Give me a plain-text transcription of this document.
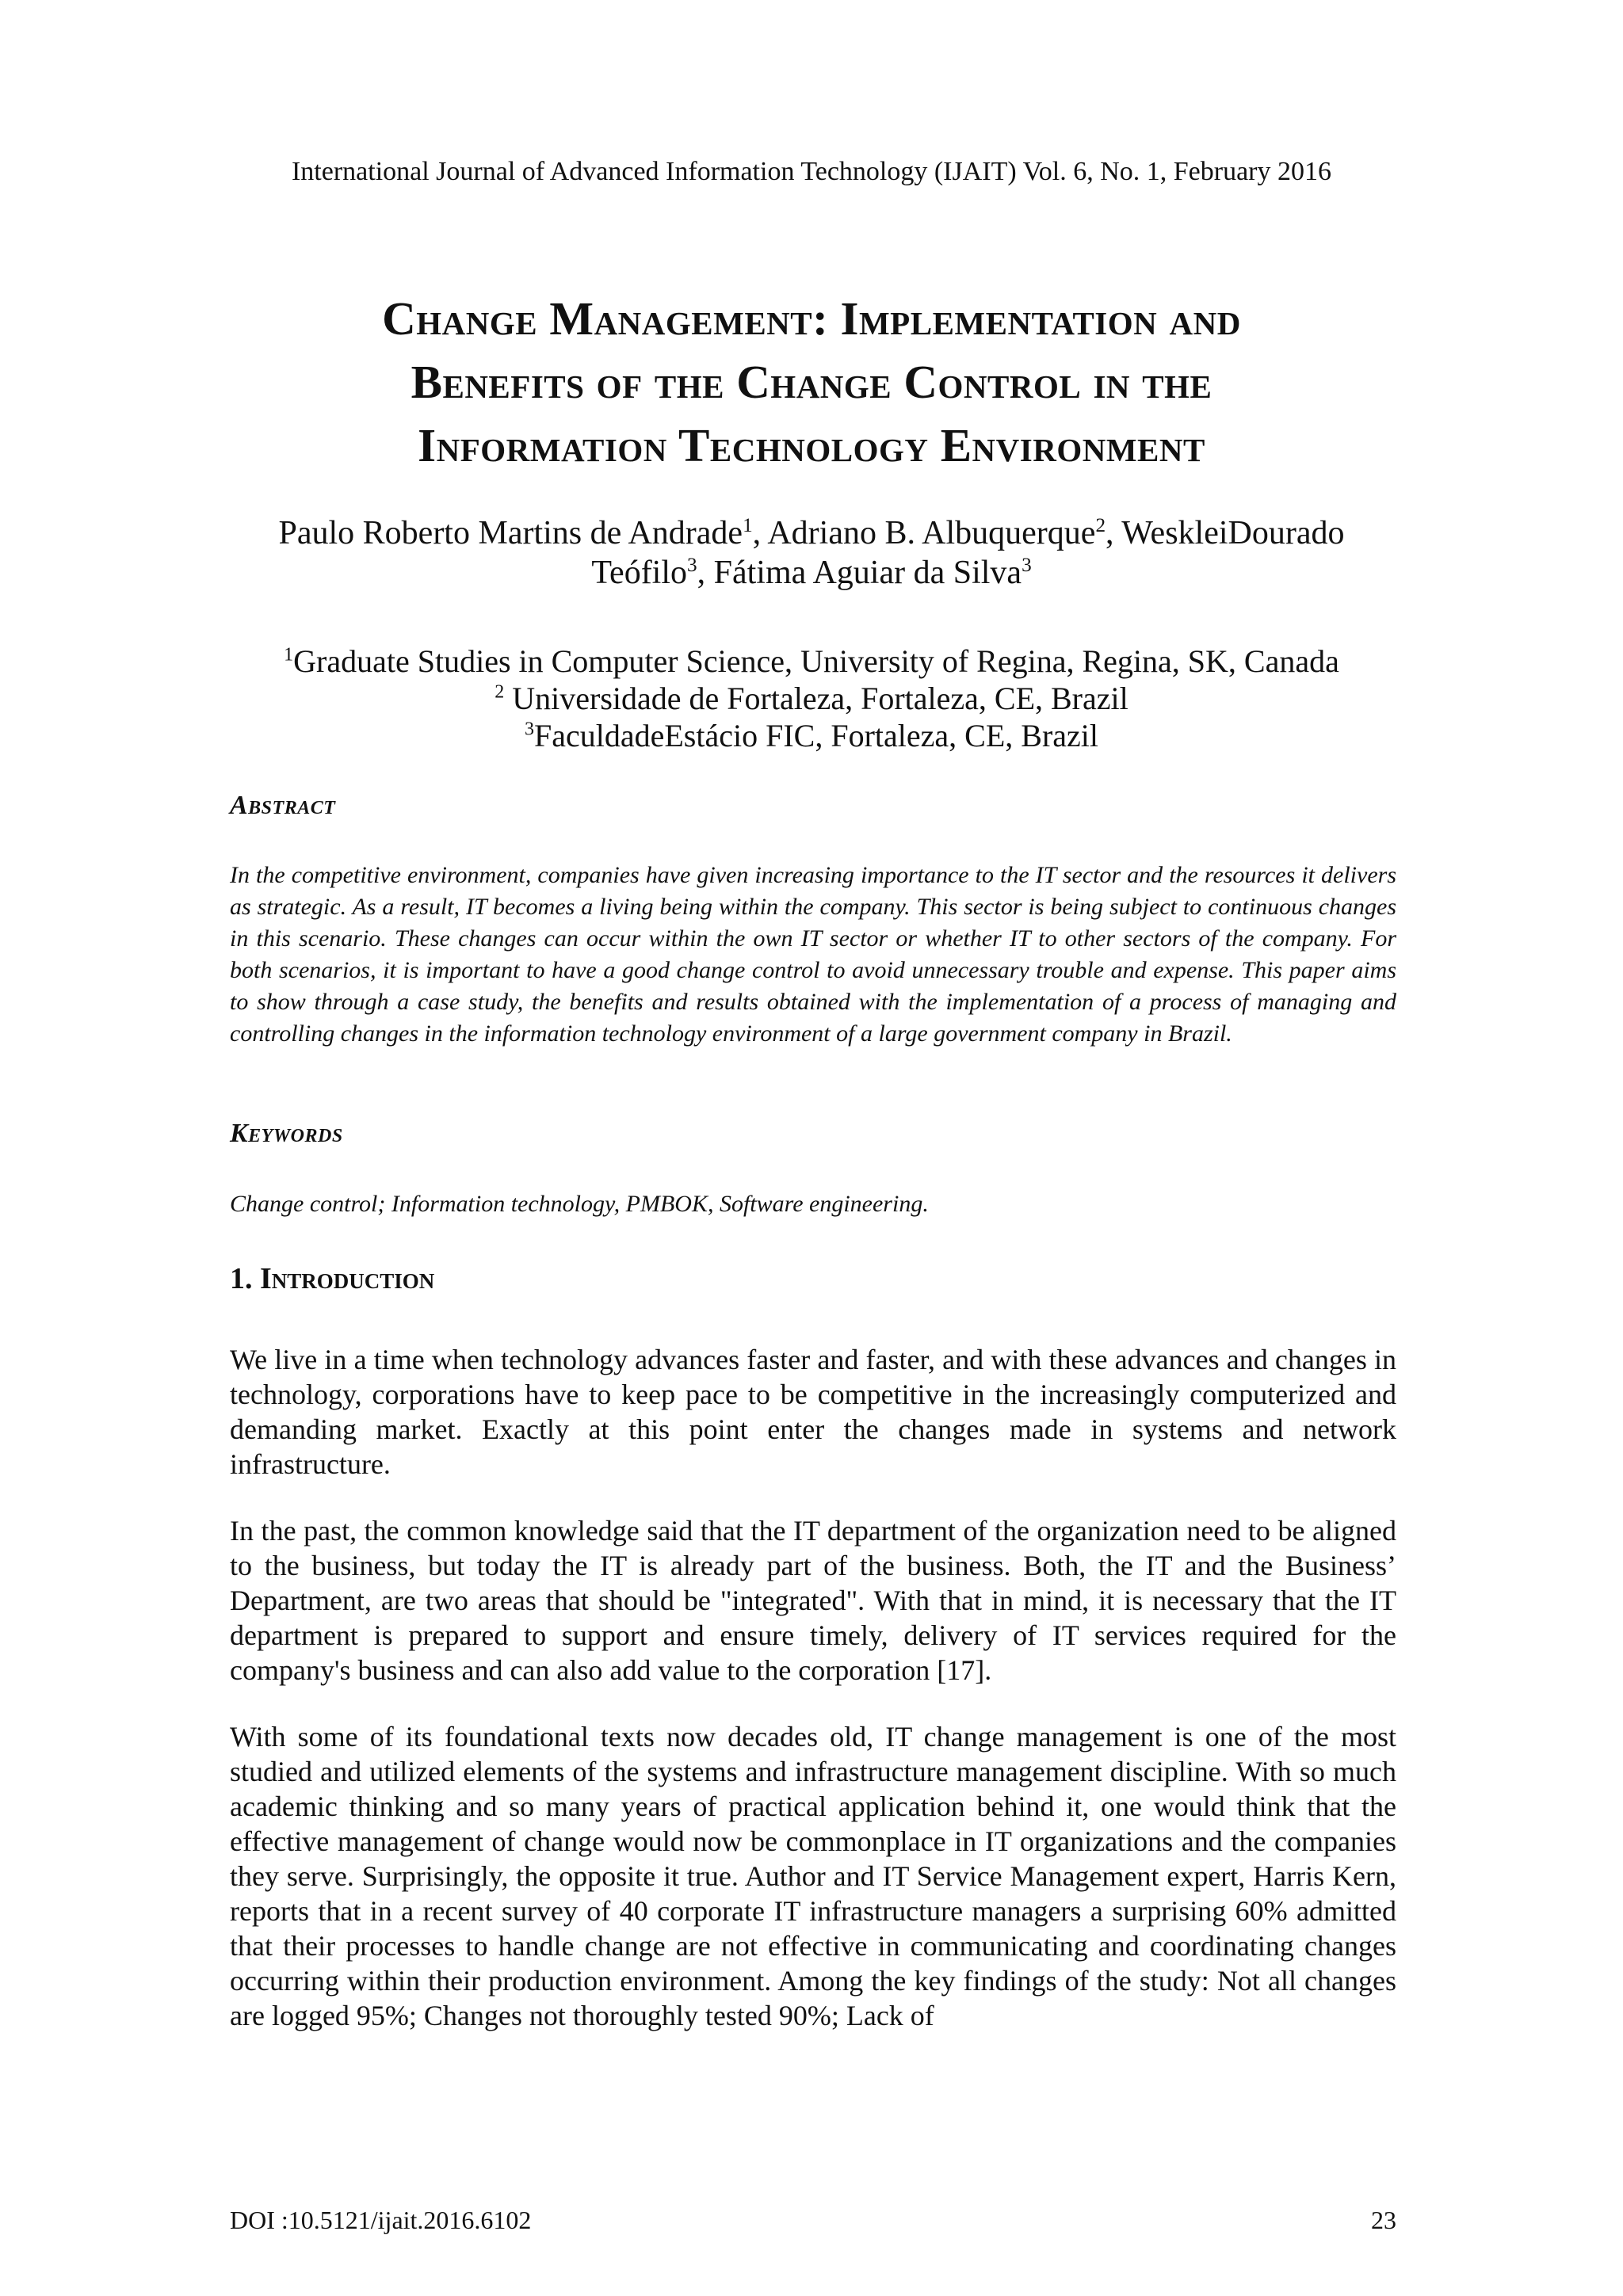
International Journal of Advanced Information Technology (IJAIT) Vol. 6, No. 1, February 2016
Change Management: Implementation and
Benefits of the Change Control in the
Information Technology Environment
Paulo Roberto Martins de Andrade$^1$, Adriano B. Albuquerque$^2$, WeskleiDourado
Teófilo$^3$, Fátima Aguiar da Silva$^3$
$^1$Graduate Studies in Computer Science, University of Regina, Regina, SK, Canada
$^2$ Universidade de Fortaleza, Fortaleza, CE, Brazil
$^3$FaculdadeEstácio FIC, Fortaleza, CE, Brazil
Abstract
In the competitive environment, companies have given increasing importance to the IT sector and the resources it delivers as strategic. As a result, IT becomes a living being within the company. This sector is being subject to continuous changes in this scenario. These changes can occur within the own IT sector or whether IT to other sectors of the company. For both scenarios, it is important to have a good change control to avoid unnecessary trouble and expense. This paper aims to show through a case study, the benefits and results obtained with the implementation of a process of managing and controlling changes in the information technology environment of a large government company in Brazil.
Keywords
Change control; Information technology, PMBOK, Software engineering.
1. Introduction
We live in a time when technology advances faster and faster, and with these advances and changes in technology, corporations have to keep pace to be competitive in the increasingly computerized and demanding market. Exactly at this point enter the changes made in systems and network infrastructure.
In the past, the common knowledge said that the IT department of the organization need to be aligned to the business, but today the IT is already part of the business. Both, the IT and the Business’ Department, are two areas that should be "integrated". With that in mind, it is necessary that the IT department is prepared to support and ensure timely, delivery of IT services required for the company's business and can also add value to the corporation [17].
With some of its foundational texts now decades old, IT change management is one of the most studied and utilized elements of the systems and infrastructure management discipline. With so much academic thinking and so many years of practical application behind it, one would think that the effective management of change would now be commonplace in IT organizations and the companies they serve. Surprisingly, the opposite it true. Author and IT Service Management expert, Harris Kern, reports that in a recent survey of 40 corporate IT infrastructure managers a surprising 60% admitted that their processes to handle change are not effective in communicating and coordinating changes occurring within their production environment. Among the key findings of the study: Not all changes are logged 95%; Changes not thoroughly tested 90%; Lack of
DOI :10.5121/ijait.2016.6102	23
